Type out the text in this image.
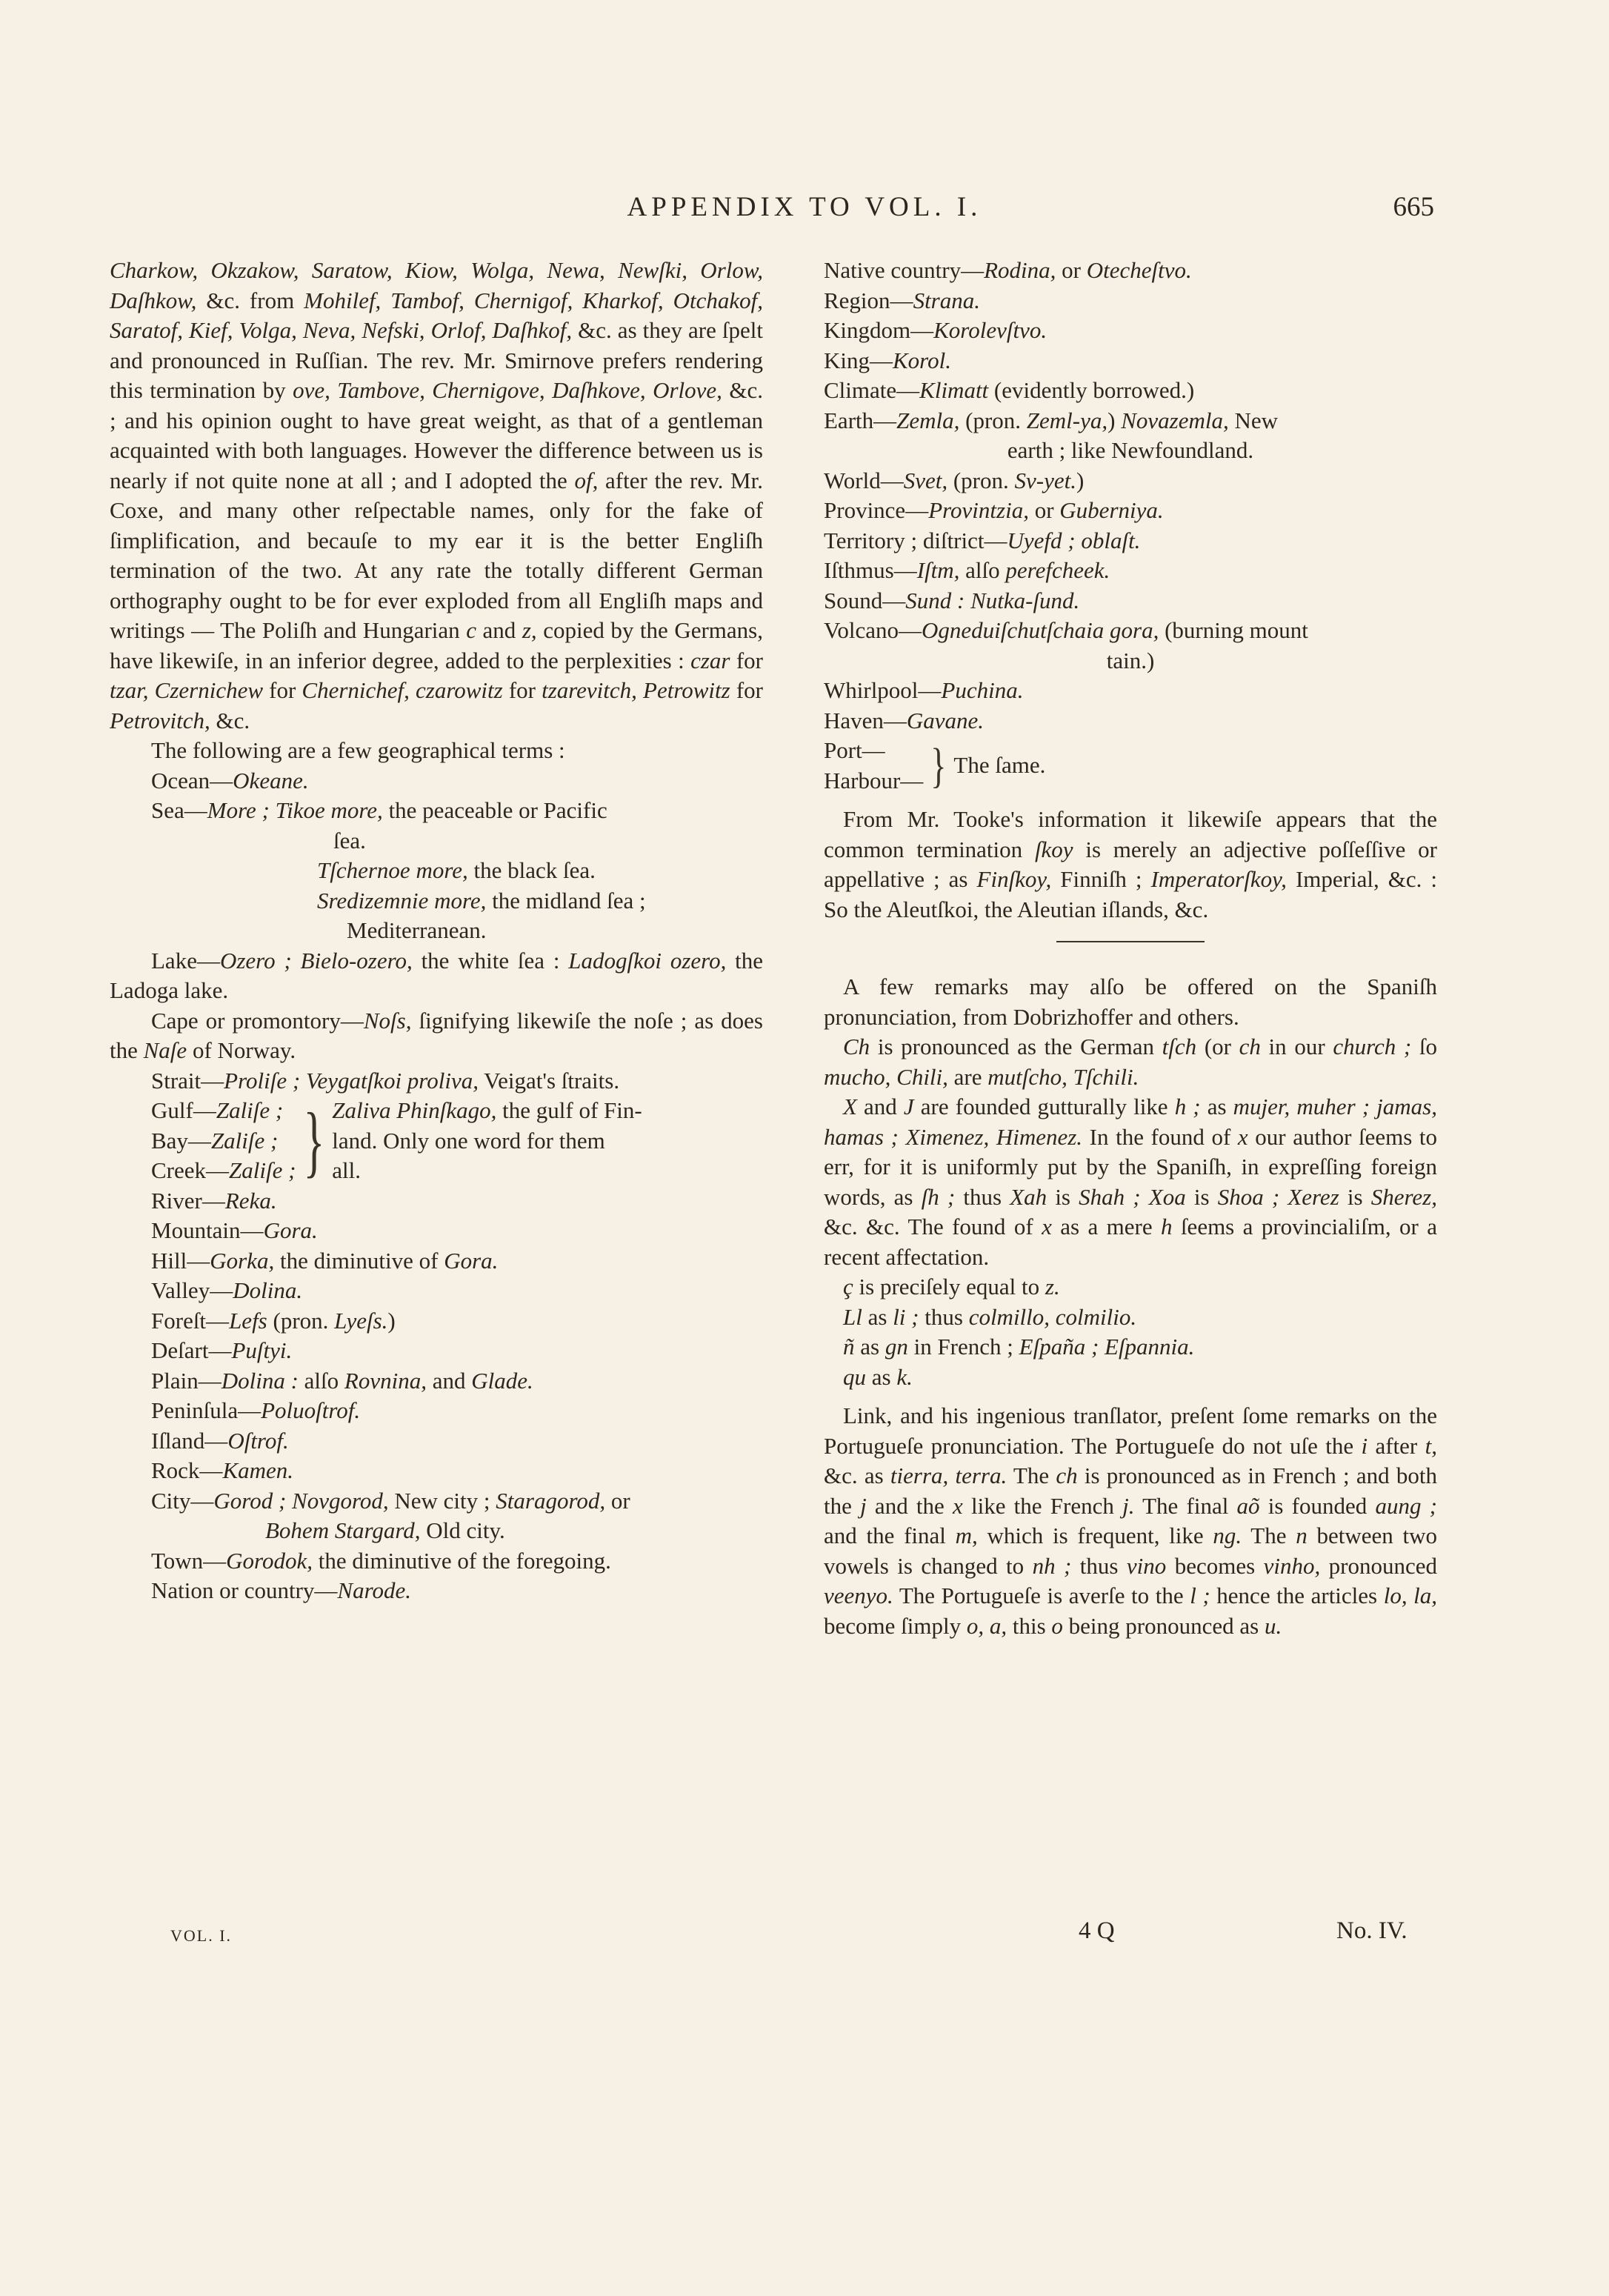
APPENDIX TO VOL. I.	665

Charkow, Okzakow, Saratow, Kiow, Wolga, Newa, Newſki, Orlow, Daſhkow, &c. from Mohilef, Tambof, Chernigof, Kharkof, Otchakof, Saratof, Kief, Volga, Neva, Nefski, Orlof, Daſhkof, &c. as they are ſpelt and pronounced in Ruſſian. The rev. Mr. Smirnove prefers rendering this termination by ove, Tambove, Chernigove, Daſhkove, Orlove, &c. ; and his opinion ought to have great weight, as that of a gentleman acquainted with both languages. However the difference between us is nearly if not quite none at all ; and I adopted the of, after the rev. Mr. Coxe, and many other reſpectable names, only for the fake of ſimplification, and becauſe to my ear it is the better Engliſh termination of the two. At any rate the totally different German orthography ought to be for ever exploded from all Engliſh maps and writings — The Poliſh and Hungarian c and z, copied by the Germans, have likewiſe, in an inferior degree, added to the perplexities : czar for tzar, Czernichew for Chernichef, czarowitz for tzarevitch, Petrowitz for Petrovitch, &c.

The following are a few geographical terms :

Ocean—Okeane.

Sea—More ; Tikoe more, the peaceable or Pacific

ſea.

Tſchernoe more, the black ſea.

Sredizemnie more, the midland ſea ;

Mediterranean.

Lake—Ozero ; Bielo-ozero, the white ſea : Ladogſkoi ozero, the Ladoga lake.

Cape or promontory—Noſs, ſignifying likewiſe the noſe ; as does the Naſe of Norway.

Strait—Proliſe ; Veygatſkoi proliva, Veigat's ſtraits.

Gulf—Zaliſe ;
Bay—Zaliſe ;
Creek—Zaliſe ; } Zaliva Phinſkago, the gulf of Fin-
land. Only one word for them
all.

River—Reka.

Mountain—Gora.

Hill—Gorka, the diminutive of Gora.

Valley—Dolina.

Foreſt—Lefs (pron. Lyeſs.)

Deſart—Puſtyi.

Plain—Dolina : alſo Rovnina, and Glade.

Peninſula—Poluoſtrof.

Iſland—Oſtrof.

Rock—Kamen.

City—Gorod ; Novgorod, New city ; Staragorod, or

Bohem Stargard, Old city.

Town—Gorodok, the diminutive of the foregoing.

Nation or country—Narode.

Native country—Rodina, or Otecheſtvo.

Region—Strana.

Kingdom—Korolevſtvo.

King—Korol.

Climate—Klimatt (evidently borrowed.)

Earth—Zemla, (pron. Zeml-ya,) Novazemla, New

earth ; like Newfoundland.

World—Svet, (pron. Sv-yet.)

Province—Provintzia, or Guberniya.

Territory ; diſtrict—Uyefd ; oblaſt.

Iſthmus—Iſtm, alſo perefcheek.

Sound—Sund : Nutka-ſund.

Volcano—Ogneduiſchutſchaia gora, (burning mount

tain.)

Whirlpool—Puchina.

Haven—Gavane.

Port—
Harbour— } The ſame.

From Mr. Tooke's information it likewiſe appears that the common termination ſkoy is merely an adjective poſſeſſive or appellative ; as Finſkoy, Finniſh ; Imperatorſkoy, Imperial, &c. : So the Aleutſkoi, the Aleutian iſlands, &c.

A few remarks may alſo be offered on the Spaniſh pronunciation, from Dobrizhoffer and others.

Ch is pronounced as the German tſch (or ch in our church ; ſo mucho, Chili, are mutſcho, Tſchili.

X and J are founded gutturally like h ; as mujer, muher ; jamas, hamas ; Ximenez, Himenez. In the found of x our author ſeems to err, for it is uniformly put by the Spaniſh, in expreſſing foreign words, as ſh ; thus Xah is Shah ; Xoa is Shoa ; Xerez is Sherez, &c. &c. The found of x as a mere h ſeems a provincialiſm, or a recent affectation.

ç is preciſely equal to z.

Ll as li ; thus colmillo, colmilio.

ñ as gn in French ; Eſpaña ; Eſpannia.

qu as k.

Link, and his ingenious tranſlator, preſent ſome remarks on the Portugueſe pronunciation. The Portugueſe do not uſe the i after t, &c. as tierra, terra. The ch is pronounced as in French ; and both the j and the x like the French j. The final aõ is founded aung ; and the final m, which is frequent, like ng. The n between two vowels is changed to nh ; thus vino becomes vinho, pronounced veenyo. The Portugueſe is averſe to the l ; hence the articles lo, la, become ſimply o, a, this o being pronounced as u.

VOL. I.	4 Q	No. IV.
